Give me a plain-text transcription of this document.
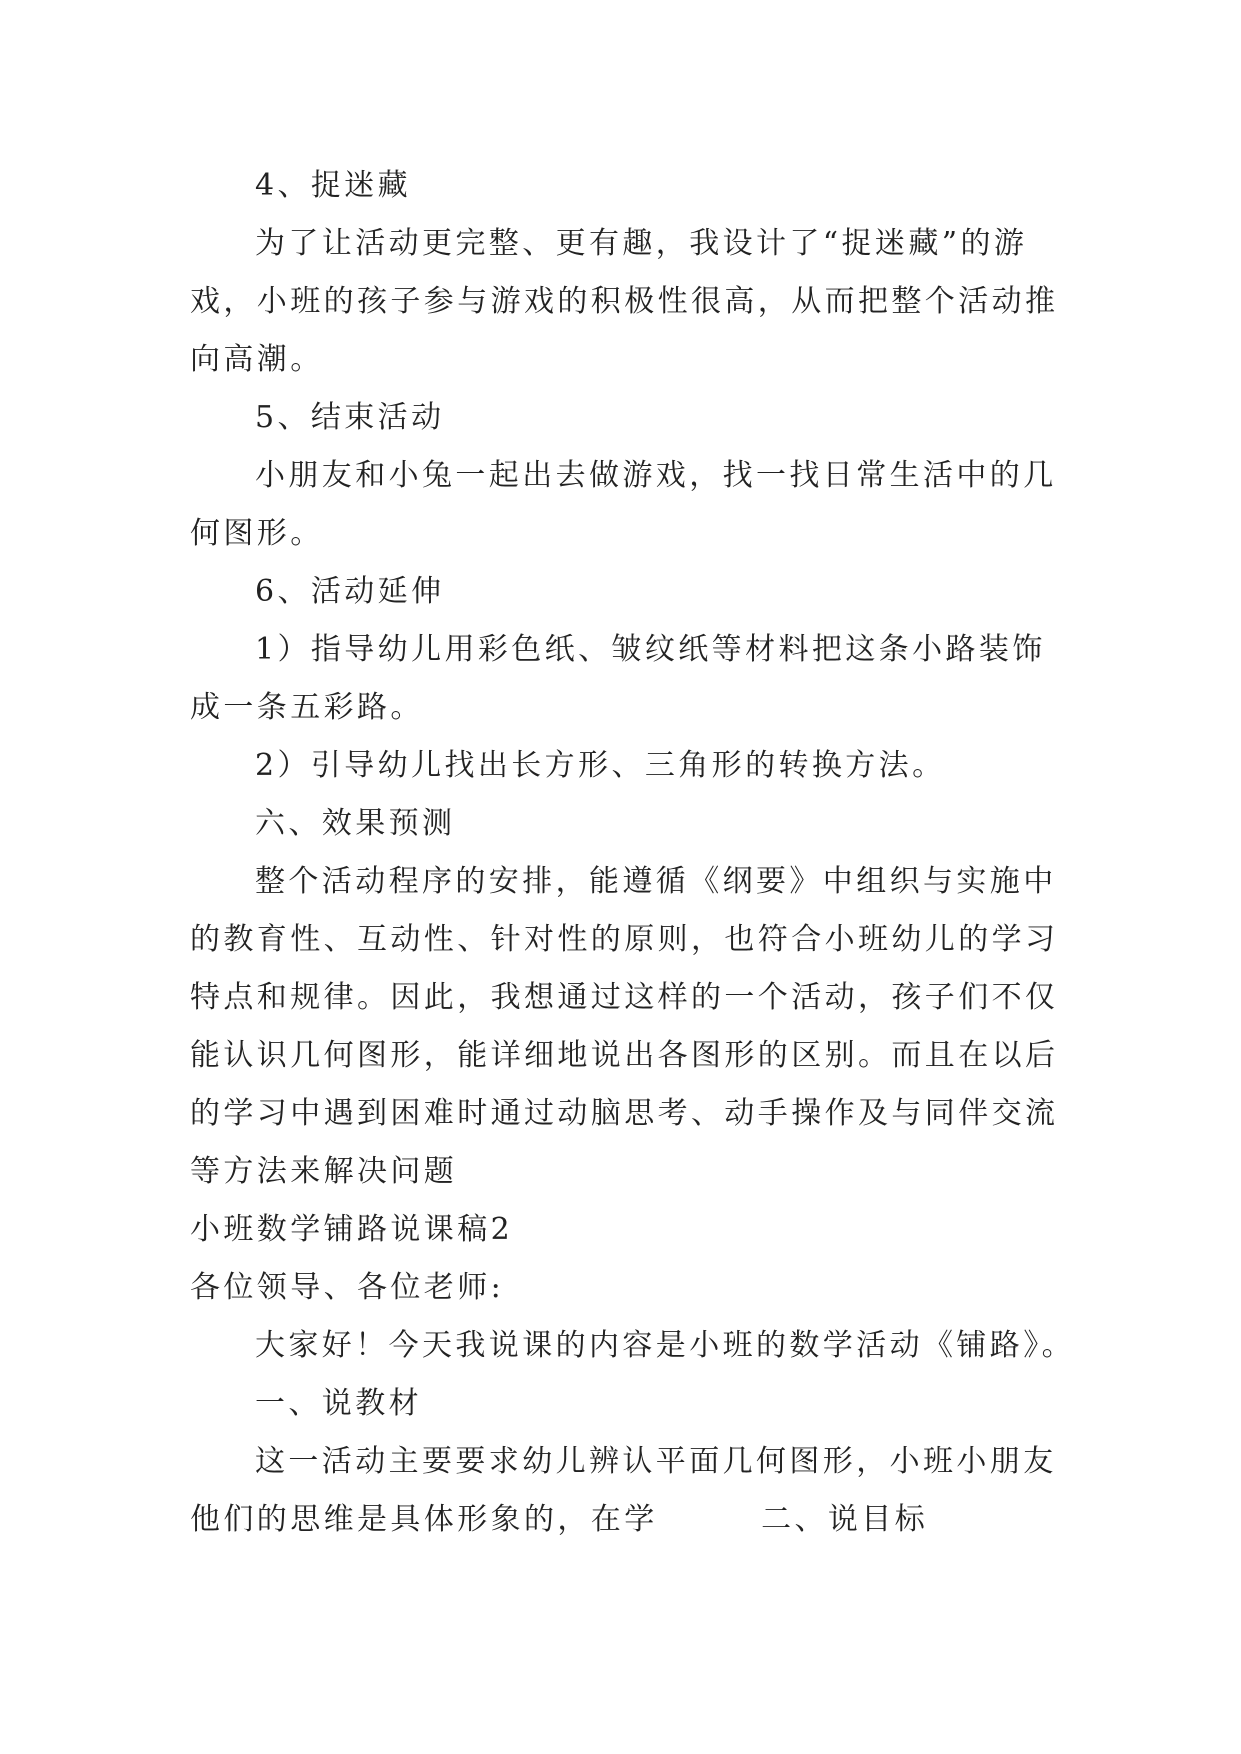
4、捉迷藏
为了让活动更完整、更有趣，我设计了“捉迷藏”的游
戏，小班的孩子参与游戏的积极性很高，从而把整个活动推
向高潮。
5、结束活动
小朋友和小兔一起出去做游戏，找一找日常生活中的几
何图形。
6、活动延伸
1）指导幼儿用彩色纸、皱纹纸等材料把这条小路装饰
成一条五彩路。
2）引导幼儿找出长方形、三角形的转换方法。
六、效果预测
整个活动程序的安排，能遵循《纲要》中组织与实施中
的教育性、互动性、针对性的原则，也符合小班幼儿的学习
特点和规律。因此，我想通过这样的一个活动，孩子们不仅
能认识几何图形，能详细地说出各图形的区别。而且在以后
的学习中遇到困难时通过动脑思考、动手操作及与同伴交流
等方法来解决问题
小班数学铺路说课稿2
各位领导、各位老师:
大家好！今天我说课的内容是小班的数学活动《铺路》。
一、说教材
这一活动主要要求幼儿辨认平面几何图形，小班小朋友
他们的思维是具体形象的，在学        二、说目标
